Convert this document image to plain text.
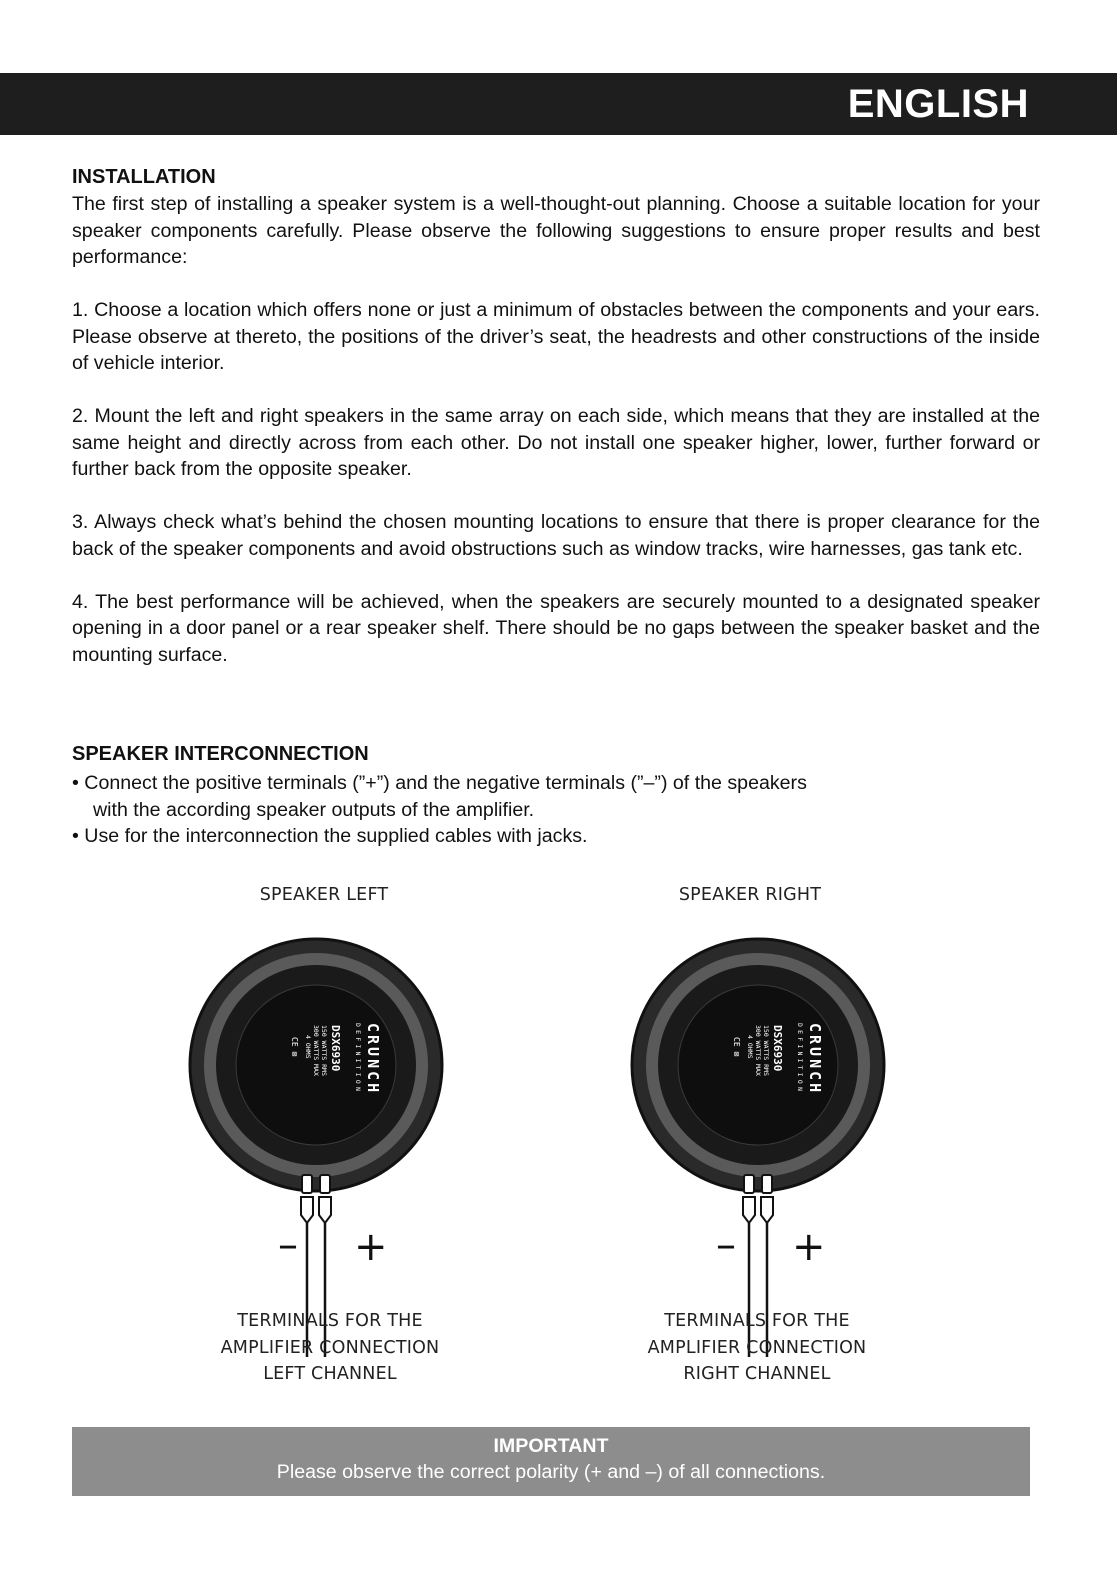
ENGLISH

INSTALLATION

The first step of installing a speaker system is a well-thought-out planning. Choose a suitable location for your speaker components carefully. Please observe the following suggestions to ensure proper results and best performance:

1. Choose a location which offers none or just a minimum of obstacles between the components and your ears. Please observe at thereto, the positions of the driver’s seat, the headrests and other constructions of the inside of vehicle interior.

2. Mount the left and right speakers in the same array on each side, which means that they are installed at the same height and directly across from each other. Do not install one speaker higher, lower, further forward or further back from the opposite speaker.

3. Always check what’s behind the chosen mounting locations to ensure that there is proper clearance for the back of the speaker components and avoid obstructions such as window tracks, wire harnesses, gas tank etc.

4. The best performance will be achieved, when the speakers are securely mounted to a designated speaker opening in a door panel or a rear speaker shelf. There should be no gaps between the speaker basket and the mounting surface.

SPEAKER INTERCONNECTION

• Connect the positive terminals (”+”) and the negative terminals (”–”) of the speakers
with the according speaker outputs of the amplifier.

• Use for the interconnection the supplied cables with jacks.

SPEAKER LEFT	SPEAKER RIGHT
CRUNCH
DEFINITION
DSX6930
150 WATTS RMS
300 WATTS MAX
4 OHMS
CE ⊠	CRUNCH
DEFINITION
DSX6930
150 WATTS RMS
300 WATTS MAX
4 OHMS
CE ⊠
– +	– +
TERMINALS FOR THE
AMPLIFIER CONNECTION
LEFT CHANNEL
TERMINALS FOR THE
AMPLIFIER CONNECTION
RIGHT CHANNEL
IMPORTANT
Please observe the correct polarity (+ and –) of all connections.
